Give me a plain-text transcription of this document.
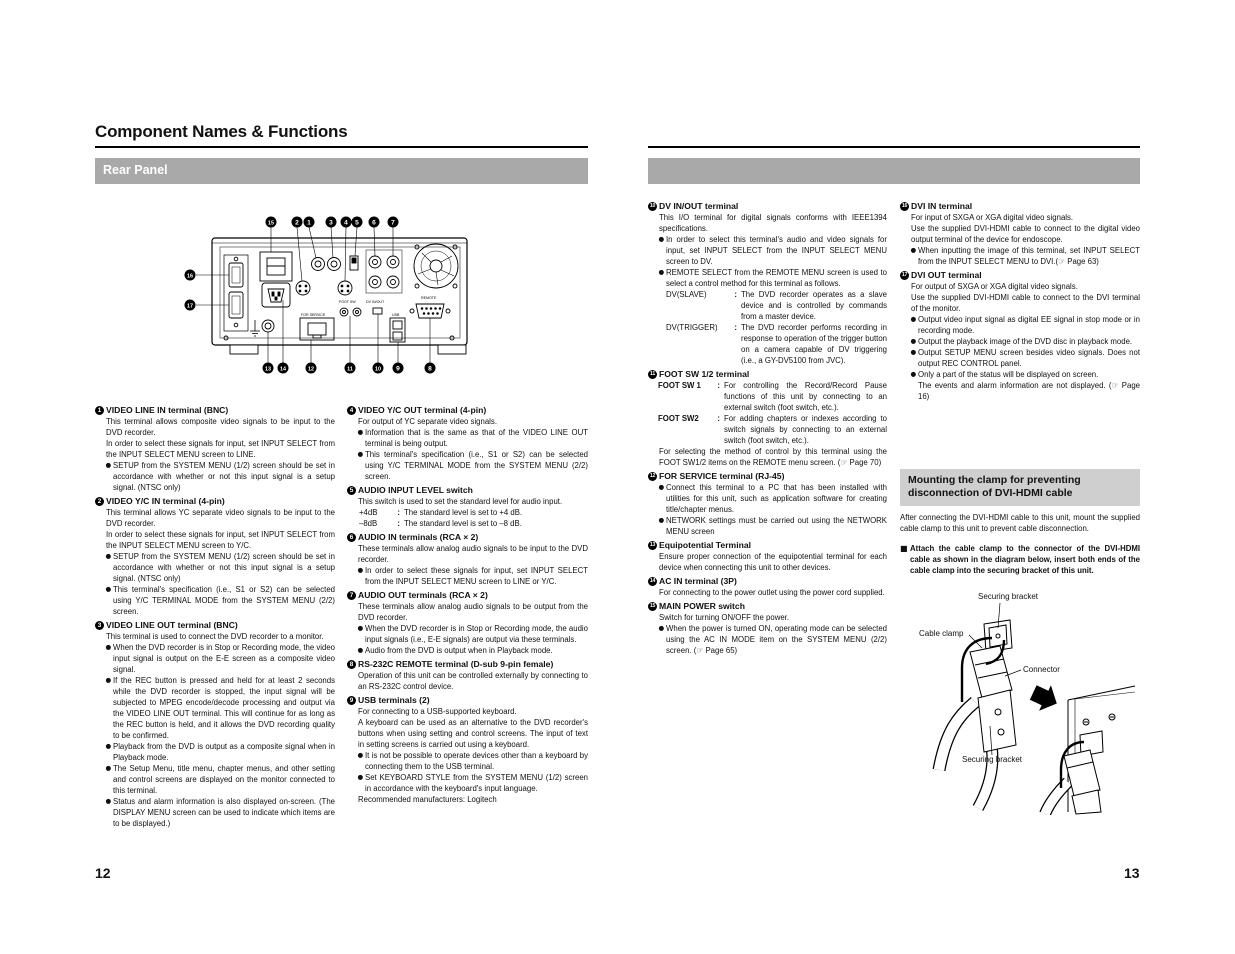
Component Names & Functions
Rear Panel
FOR SERVICE
FOOT SW	DV IN/OUT
REMOTE
USB
15	2 1	3 4 5 6 7
16
17
13 14	12	11	10 9	8
1 VIDEO LINE IN terminal (BNC)
This terminal allows composite video signals to be input to the DVD recorder.
In order to select these signals for input, set INPUT SELECT from the INPUT SELECT MENU screen to LINE.
● SETUP from the SYSTEM MENU (1/2) screen should be set in accordance with whether or not this input signal is a setup signal. (NTSC only)
2 VIDEO Y/C IN terminal (4-pin)
This terminal allows YC separate video signals to be input to the DVD recorder.
In order to select these signals for input, set INPUT SELECT from the INPUT SELECT MENU screen to Y/C.
● SETUP from the SYSTEM MENU (1/2) screen should be set in accordance with whether or not this input signal is a setup signal. (NTSC only)
● This terminal's specification (i.e., S1 or S2) can be selected using Y/C TERMINAL MODE from the SYSTEM MENU (2/2) screen.
3 VIDEO LINE OUT terminal (BNC)
This terminal is used to connect the DVD recorder to a monitor.
● When the DVD recorder is in Stop or Recording mode, the video input signal is output on the E-E screen as a composite video signal.
● If the REC button is pressed and held for at least 2 seconds while the DVD recorder is stopped, the input signal will be subjected to MPEG encode/decode processing and output via the VIDEO LINE OUT terminal. This will continue for as long as the REC button is held, and it allows the DVD recording quality to be confirmed.
● Playback from the DVD is output as a composite signal when in Playback mode.
● The Setup Menu, title menu, chapter menus, and other setting and control screens are displayed on the monitor connected to this terminal.
● Status and alarm information is also displayed on-screen. (The DISPLAY MENU screen can be used to indicate which items are to be displayed.)
4 VIDEO Y/C OUT terminal (4-pin)
For output of YC separate video signals.
● Information that is the same as that of the VIDEO LINE OUT terminal is being output.
● This terminal's specification (i.e., S1 or S2) can be selected using Y/C TERMINAL MODE from the SYSTEM MENU (2/2) screen.
5 AUDIO INPUT LEVEL switch
This switch is used to set the standard level for audio input.
+4dB :	The standard level is set to +4 dB.
–8dB :	The standard level is set to –8 dB.
6 AUDIO IN terminals (RCA × 2)
These terminals allow analog audio signals to be input to the DVD recorder.
● In order to select these signals for input, set INPUT SELECT from the INPUT SELECT MENU screen to LINE or Y/C.
7 AUDIO OUT terminals (RCA × 2)
These terminals allow analog audio signals to be output from the DVD recorder.
● When the DVD recorder is in Stop or Recording mode, the audio input signals (i.e., E-E signals) are output via these terminals.
● Audio from the DVD is output when in Playback mode.
8 RS-232C REMOTE terminal (D-sub 9-pin female)
Operation of this unit can be controlled externally by connecting to an RS-232C control device.
9 USB terminals (2)
For connecting to a USB-supported keyboard.
A keyboard can be used as an alternative to the DVD recorder's buttons when using setting and control screens. The input of text in setting screens is carried out using a keyboard.
● It is not be possible to operate devices other than a keyboard by connecting them to the USB terminal.
● Set KEYBOARD STYLE from the SYSTEM MENU (1/2) screen in accordance with the keyboard's input language.
Recommended manufacturers: Logitech
12
10 DV IN/OUT terminal
This I/O terminal for digital signals conforms with IEEE1394 specifications.
● In order to select this terminal's audio and video signals for input, set INPUT SELECT from the INPUT SELECT MENU screen to DV.
● REMOTE SELECT from the REMOTE MENU screen is used to select a control method for this terminal as follows.
DV(SLAVE) :	The DVD recorder operates as a slave device and is controlled by commands from a master device.
DV(TRIGGER) :	The DVD recorder performs recording in response to operation of the trigger button on a camera capable of DV triggering (i.e., a GY-DV5100 from JVC).
11 FOOT SW 1/2 terminal
FOOT SW 1 :	For controlling the Record/Record Pause functions of this unit by connecting to an external switch (foot switch, etc.).
FOOT SW2 :	For adding chapters or indexes according to switch signals by connecting to an external switch (foot switch, etc.).
For selecting the method of control by this terminal using the FOOT SW1/2 items on the REMOTE menu screen. (☞ Page 70)
12 FOR SERVICE terminal (RJ-45)
● Connect this terminal to a PC that has been installed with utilities for this unit, such as application software for creating title/chapter menus.
● NETWORK settings must be carried out using the NETWORK MENU screen
13 Equipotential Terminal
Ensure proper connection of the equipotential terminal for each device when connecting this unit to other devices.
14 AC IN terminal (3P)
For connecting to the power outlet using the power cord supplied.
15 MAIN POWER switch
Switch for turning ON/OFF the power.
● When the power is turned ON, operating mode can be selected using the AC IN MODE item on the SYSTEM MENU (2/2) screen. (☞ Page 65)
16 DVI IN terminal
For input of SXGA or XGA digital video signals.
Use the supplied DVI-HDMI cable to connect to the digital video output terminal of the device for endoscope.
● When inputting the image of this terminal, set INPUT SELECT from the INPUT SELECT MENU to DVI.(☞ Page 63)
17 DVI OUT terminal
For output of SXGA or XGA digital video signals.
Use the supplied DVI-HDMI cable to connect to the DVI terminal of the monitor.
● Output video input signal as digital EE signal in stop mode or in recording mode.
● Output the playback image of the DVD disc in playback mode.
● Output SETUP MENU screen besides video signals. Does not output REC CONTROL panel.
● Only a part of the status will be displayed on screen.
The events and alarm information are not displayed. (☞ Page 16)
Mounting the clamp for preventing
disconnection of DVI-HDMI cable
After connecting the DVI-HDMI cable to this unit, mount the supplied cable clamp to this unit to prevent cable disconnection.
■ Attach the cable clamp to the connector of the DVI-HDMI cable as shown in the diagram below, insert both ends of the cable clamp into the securing bracket of this unit.
Securing bracket
Cable clamp
Connector
Securing bracket
13
